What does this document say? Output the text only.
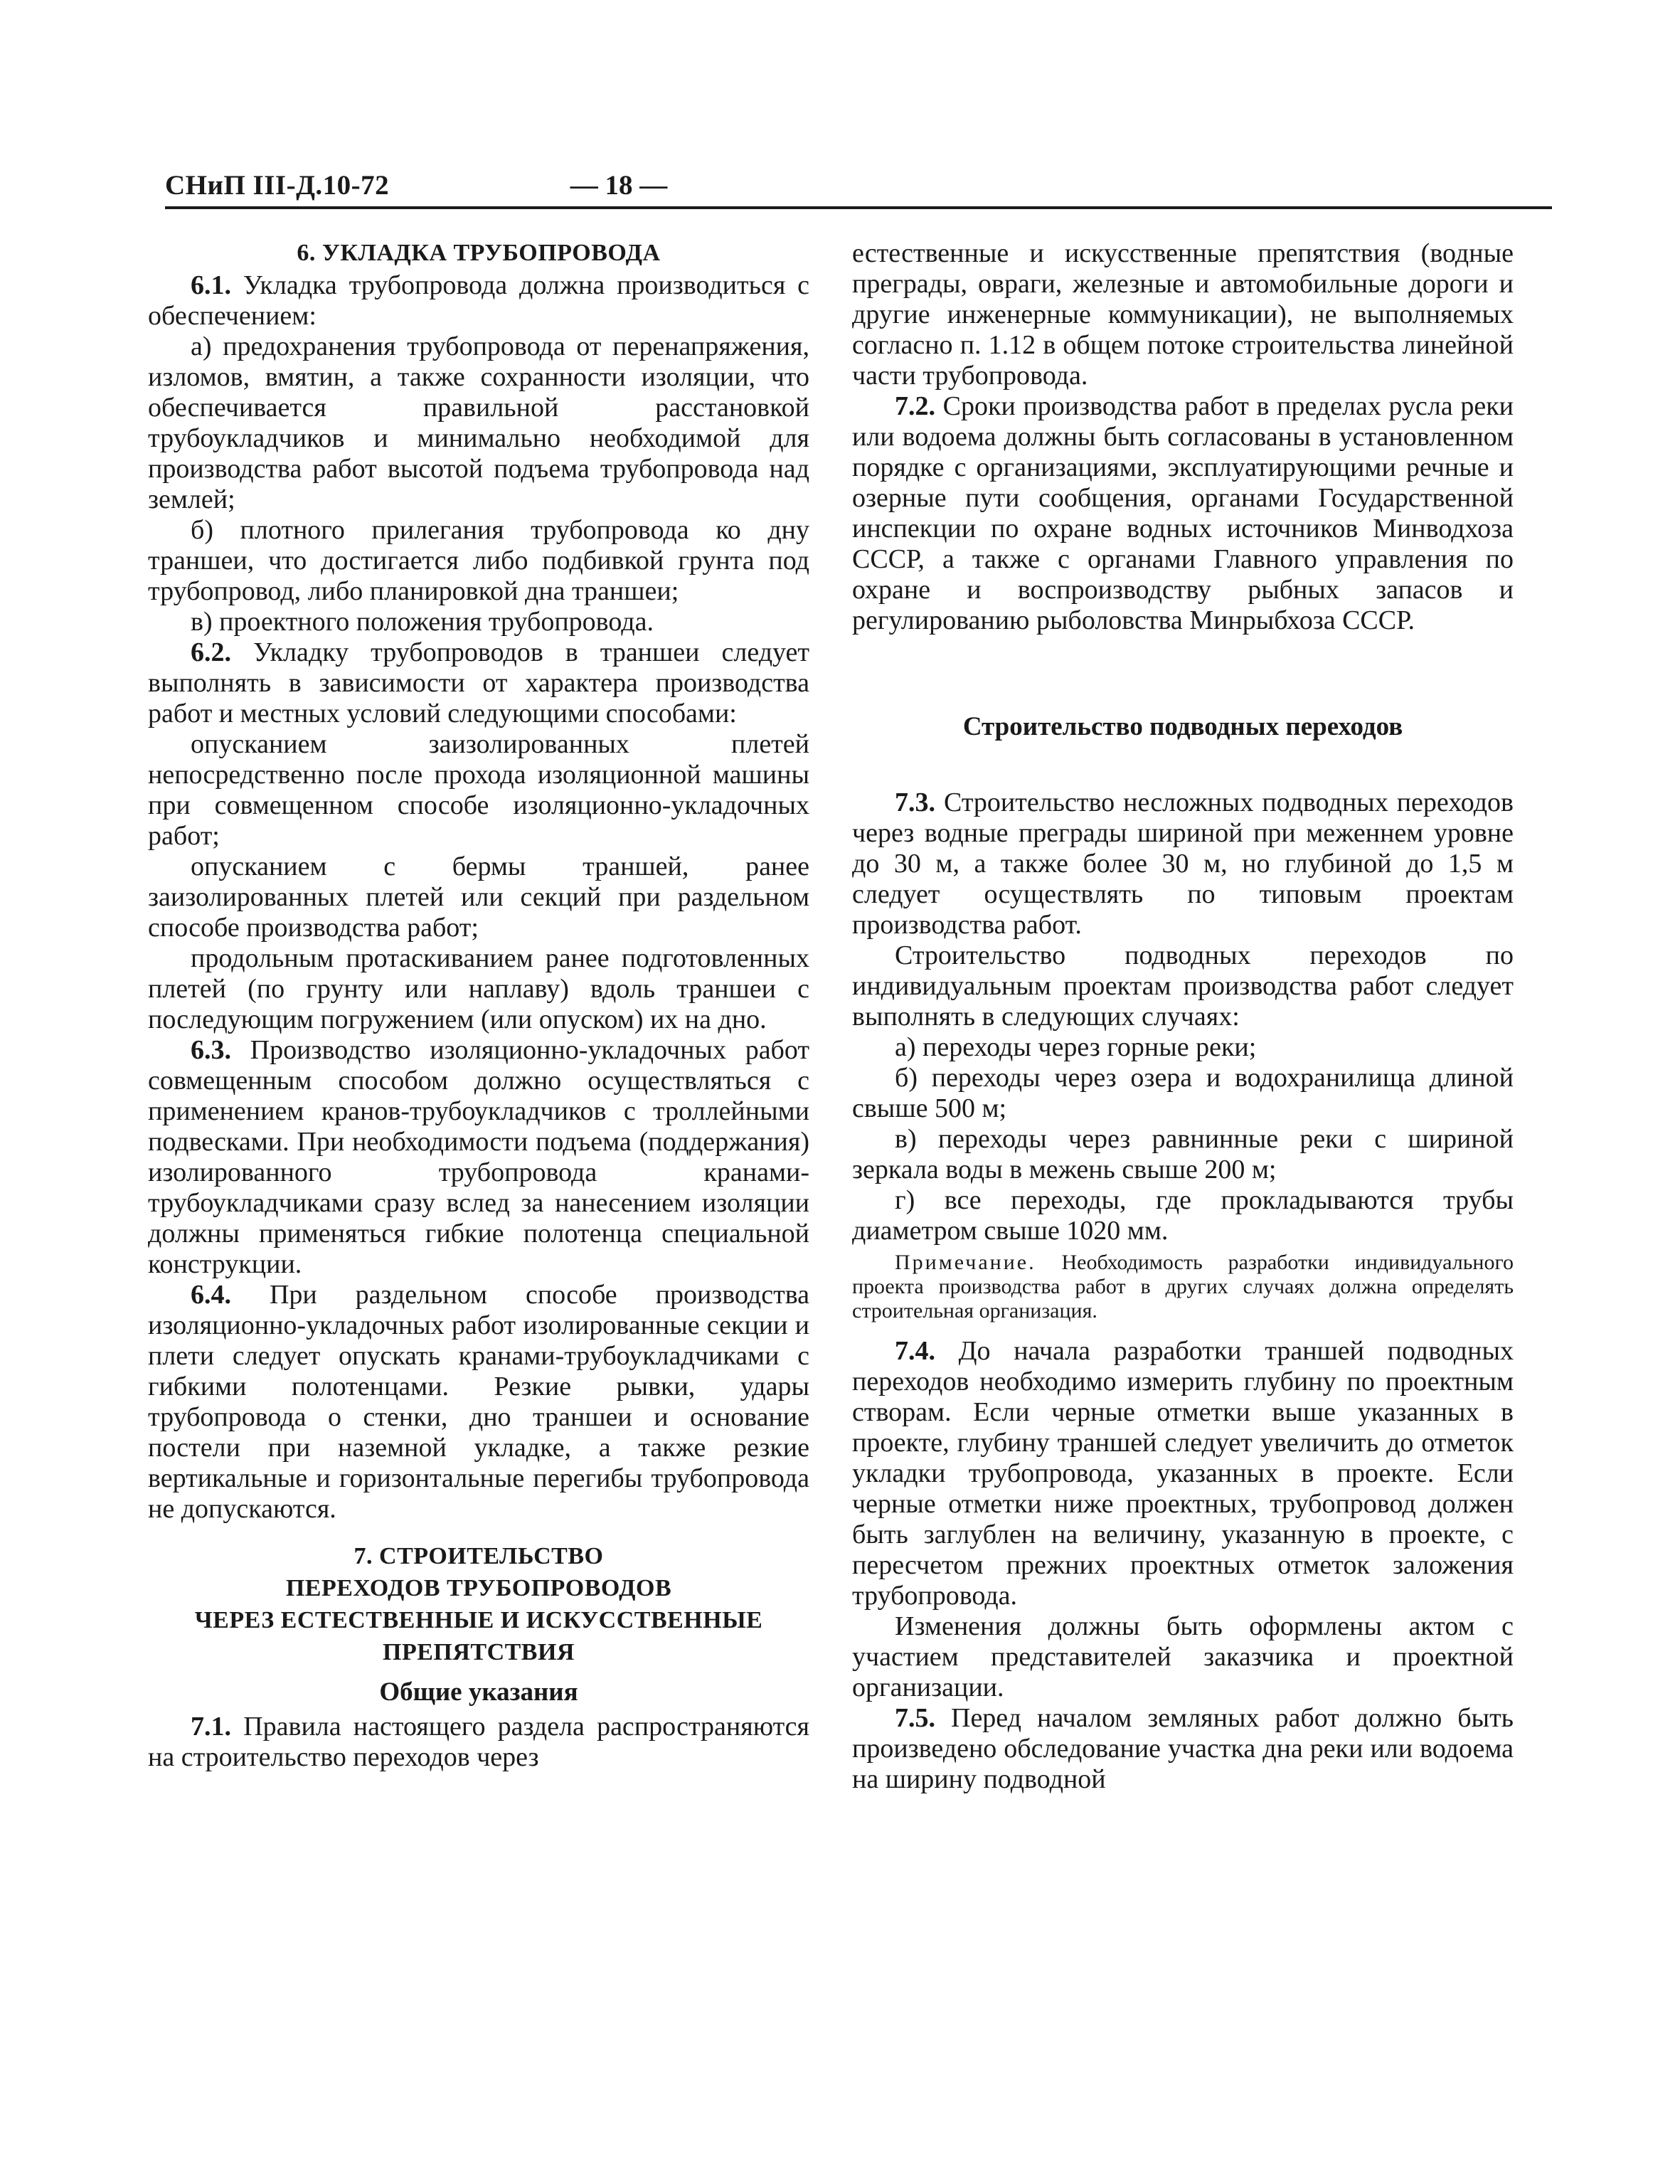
СНиП III-Д.10-72	— 18 —
6. УКЛАДКА ТРУБОПРОВОДА

6.1. Укладка трубопровода должна производиться с обеспечением:

а) предохранения трубопровода от перенапряжения, изломов, вмятин, а также сохранности изоляции, что обеспечивается правильной расстановкой трубоукладчиков и минимально необходимой для производства работ высотой подъема трубопровода над землей;

б) плотного прилегания трубопровода ко дну траншеи, что достигается либо подбивкой грунта под трубопровод, либо планировкой дна траншеи;

в) проектного положения трубопровода.

6.2. Укладку трубопроводов в траншеи следует выполнять в зависимости от характера производства работ и местных условий следующими способами:

опусканием заизолированных плетей непосредственно после прохода изоляционной машины при совмещенном способе изоляционно-укладочных работ;

опусканием с бермы траншей, ранее заизолированных плетей или секций при раздельном способе производства работ;

продольным протаскиванием ранее подготовленных плетей (по грунту или наплаву) вдоль траншеи с последующим погружением (или опуском) их на дно.

6.3. Производство изоляционно-укладочных работ совмещенным способом должно осуществляться с применением кранов-трубоукладчиков с троллейными подвесками. При необходимости подъема (поддержания) изолированного трубопровода кранами-трубоукладчиками сразу вслед за нанесением изоляции должны применяться гибкие полотенца специальной конструкции.

6.4. При раздельном способе производства изоляционно-укладочных работ изолированные секции и плети следует опускать кранами-трубоукладчиками с гибкими полотенцами. Резкие рывки, удары трубопровода о стенки, дно траншеи и основание постели при наземной укладке, а также резкие вертикальные и горизонтальные перегибы трубопровода не допускаются.

7. СТРОИТЕЛЬСТВО
ПЕРЕХОДОВ ТРУБОПРОВОДОВ
ЧЕРЕЗ ЕСТЕСТВЕННЫЕ И ИСКУССТВЕННЫЕ
ПРЕПЯТСТВИЯ
Общие указания

7.1. Правила настоящего раздела распространяются на строительство переходов через

естественные и искусственные препятствия (водные преграды, овраги, железные и автомобильные дороги и другие инженерные коммуникации), не выполняемых согласно п. 1.12 в общем потоке строительства линейной части трубопровода.

7.2. Сроки производства работ в пределах русла реки или водоема должны быть согласованы в установленном порядке с организациями, эксплуатирующими речные и озерные пути сообщения, органами Государственной инспекции по охране водных источников Минводхоза СССР, а также с органами Главного управления по охране и воспроизводству рыбных запасов и регулированию рыболовства Минрыбхоза СССР.

Строительство подводных переходов

7.3. Строительство несложных подводных переходов через водные преграды шириной при меженнем уровне до 30 м, а также более 30 м, но глубиной до 1,5 м следует осуществлять по типовым проектам производства работ.

Строительство подводных переходов по индивидуальным проектам производства работ следует выполнять в следующих случаях:

а) переходы через горные реки;

б) переходы через озера и водохранилища длиной свыше 500 м;

в) переходы через равнинные реки с шириной зеркала воды в межень свыше 200 м;

г) все переходы, где прокладываются трубы диаметром свыше 1020 мм.

Примечание. Необходимость разработки индивидуального проекта производства работ в других случаях должна определять строительная организация.

7.4. До начала разработки траншей подводных переходов необходимо измерить глубину по проектным створам. Если черные отметки выше указанных в проекте, глубину траншей следует увеличить до отметок укладки трубопровода, указанных в проекте. Если черные отметки ниже проектных, трубопровод должен быть заглублен на величину, указанную в проекте, с пересчетом прежних проектных отметок заложения трубопровода.

Изменения должны быть оформлены актом с участием представителей заказчика и проектной организации.

7.5. Перед началом земляных работ должно быть произведено обследование участка дна реки или водоема на ширину подводной
